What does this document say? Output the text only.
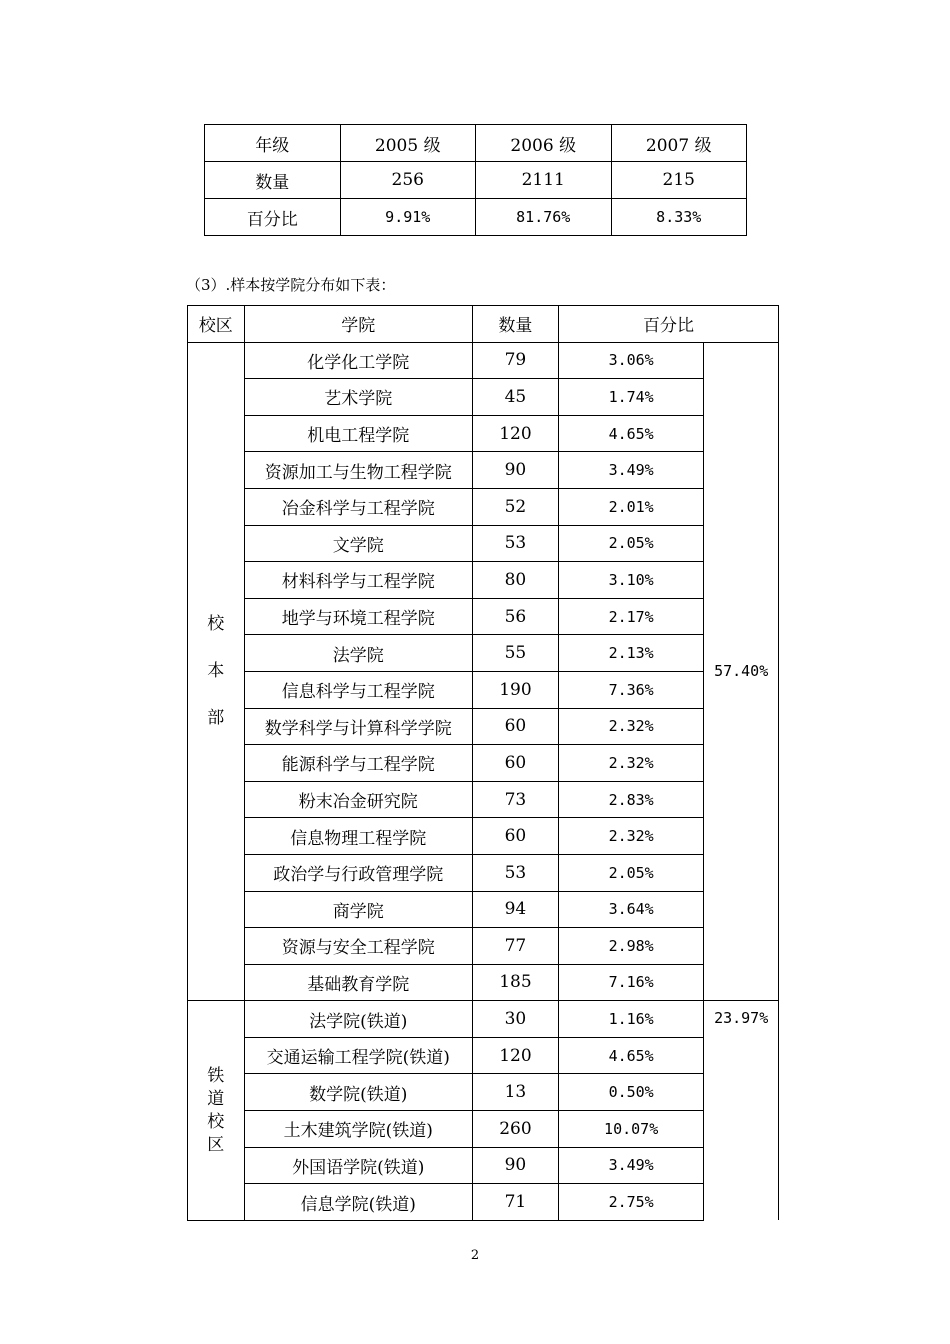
年级	2005 级	2006 级	2007 级
数量	256	2111	215
百分比	9.91%	81.76%	8.33%
（3）.样本按学院分布如下表：
校区	学院	数量	百分比	

校
本
部	化学化工学院	79	3.06%	57.40%
	艺术学院	45	1.74%	
	机电工程学院	120	4.65%	
	资源加工与生物工程学院	90	3.49%	
	冶金科学与工程学院	52	2.01%	
	文学院	53	2.05%	
	材料科学与工程学院	80	3.10%	
	地学与环境工程学院	56	2.17%	
	法学院	55	2.13%	
	信息科学与工程学院	190	7.36%	
	数学科学与计算科学学院	60	2.32%	
	能源科学与工程学院	60	2.32%	
	粉末冶金研究院	73	2.83%	
	信息物理工程学院	60	2.32%	
	政治学与行政管理学院	53	2.05%	
	商学院	94	3.64%	
	资源与安全工程学院	77	2.98%	
	基础教育学院	185	7.16%	

铁
道
校
区	法学院(铁道)	30	1.16%	23.97%
	交通运输工程学院(铁道)	120	4.65%	
	数学院(铁道)	13	0.50%	
	土木建筑学院(铁道)	260	10.07%	
	外国语学院(铁道)	90	3.49%	
	信息学院(铁道)	71	2.75%	
2
